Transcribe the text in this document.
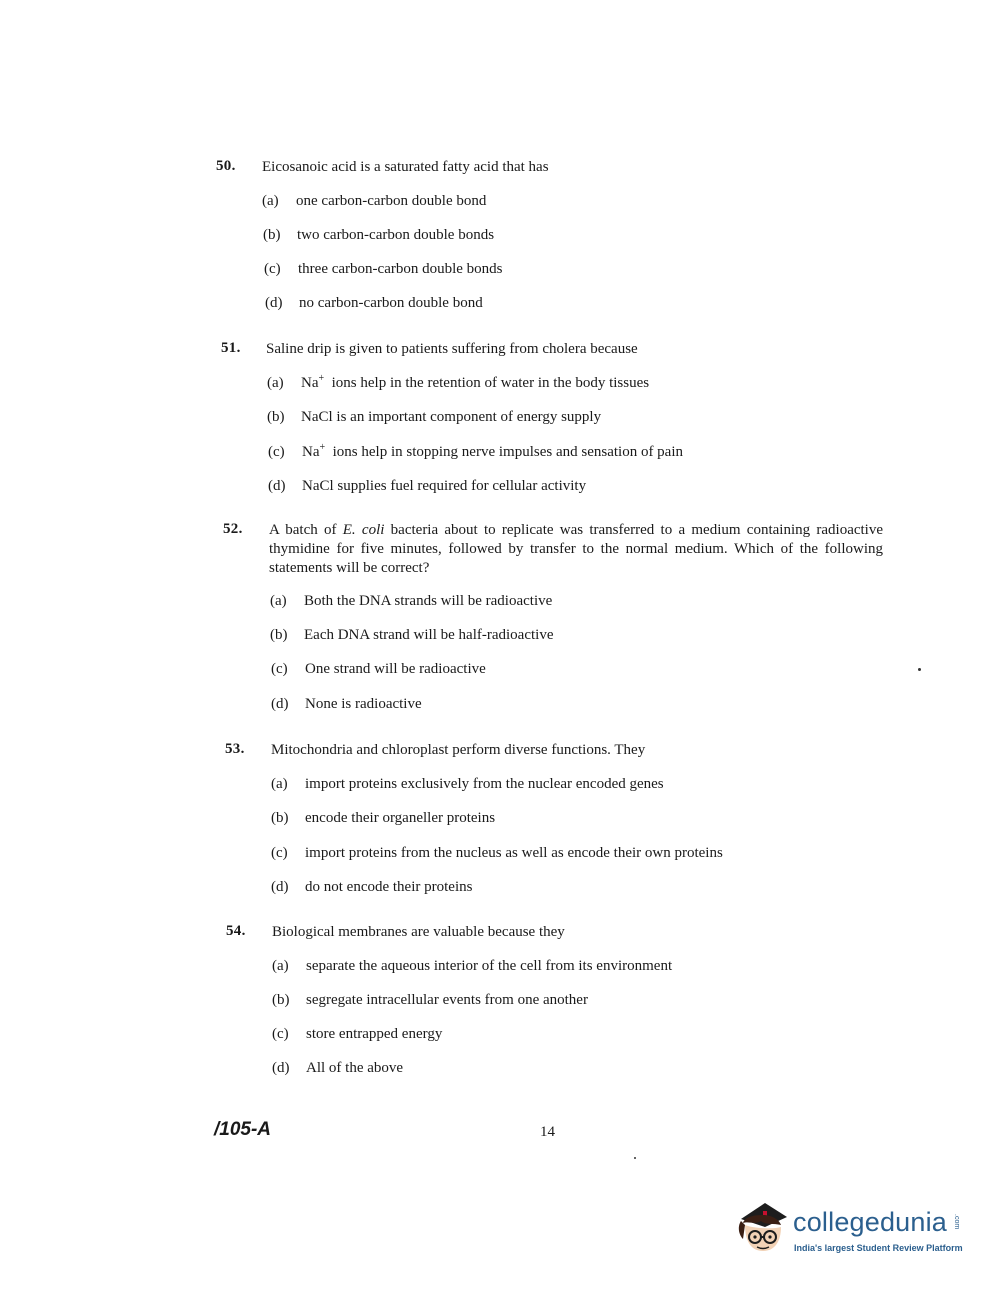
50. Eicosanoic acid is a saturated fatty acid that has
(a) one carbon-carbon double bond
(b) two carbon-carbon double bonds
(c) three carbon-carbon double bonds
(d) no carbon-carbon double bond
51. Saline drip is given to patients suffering from cholera because
(a) Na+ ions help in the retention of water in the body tissues
(b) NaCl is an important component of energy supply
(c) Na+ ions help in stopping nerve impulses and sensation of pain
(d) NaCl supplies fuel required for cellular activity
52. A batch of E. coli bacteria about to replicate was transferred to a medium containing radioactive thymidine for five minutes, followed by transfer to the normal medium. Which of the following statements will be correct?
(a) Both the DNA strands will be radioactive
(b) Each DNA strand will be half-radioactive
(c) One strand will be radioactive
(d) None is radioactive
53. Mitochondria and chloroplast perform diverse functions. They
(a) import proteins exclusively from the nuclear encoded genes
(b) encode their organeller proteins
(c) import proteins from the nucleus as well as encode their own proteins
(d) do not encode their proteins
54. Biological membranes are valuable because they
(a) separate the aqueous interior of the cell from its environment
(b) segregate intracellular events from one another
(c) store entrapped energy
(d) All of the above
/105-A	14
collegedunia .com
India's largest Student Review Platform
